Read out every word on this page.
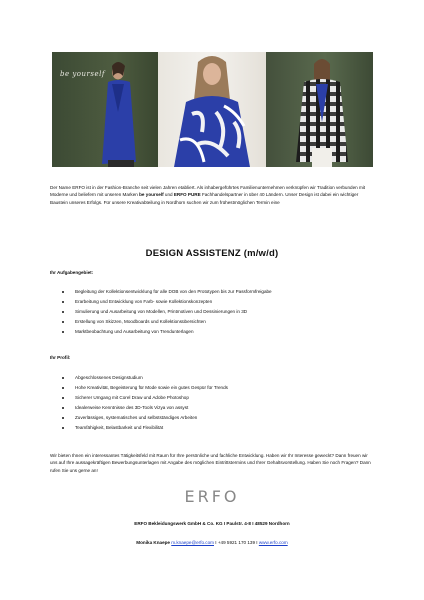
be yourself
Der Name ERFO ist in der Fashion-Branche seit vielen Jahren etabliert. Als inhabergeführtes Familienunternehmen verknüpfen wir Tradition verbunden mit Moderne und beliefern mit unseren Marken be yourself und ERFO PURE Fachhandelspartner in über 40 Ländern. Unser Design ist dabei ein wichtiger Baustein unseres Erfolgs. Für unsere Kreativabteilung in Nordhorn suchen wir zum frühestmöglichen Termin eine
DESIGN ASSISTENZ (m/w/d)
Ihr Aufgabengebiet:
Begleitung der Kollektionsentwicklung für alle DOB von den Prototypen bis zur Passformfreigabe
Erarbeitung und Entwicklung von Farb- sowie Kollektionskonzepten
Simulierung und Ausarbeitung von Modellen, Printmotiven und Dessinierungen in 3D
Erstellung von Skizzen, Moodboards und Kollektionsübersichten
Marktbeobachtung und Ausarbeitung von Trendunterlagen
Ihr Profil:
Abgeschlossenes Designstudium
Hohe Kreativität, Begeisterung für Mode sowie ein gutes Gespür für Trends
Sicherer Umgang mit Corel Draw und Adobe Photoshop
Idealerweise Kenntnisse des 3D-Tools Vizya von assyst
Zuverlässiges, systematisches und selbstständiges Arbeiten
Teamfähigkeit, Belastbarkeit und Flexibilität
Wir bieten Ihnen ein interessantes Tätigkeitsfeld mit Raum für Ihre persönliche und fachliche Entwicklung. Haben wir Ihr Interesse geweckt? Dann freuen wir uns auf Ihre aussagekräftigen Bewerbungsunterlagen mit Angabe des möglichen Eintrittstermins und Ihrer Gehaltsvorstellung. Haben Sie noch Fragen? Dann rufen Sie uns gerne an!
ERFO
ERFO Bekleidungswerk GmbH & Co. KG I Paulstr. 4-8 I 48529 Nordhorn
Monika Knaepe m.knaepe@erfo.com I +49 5921 170 139 I www.erfo.com
